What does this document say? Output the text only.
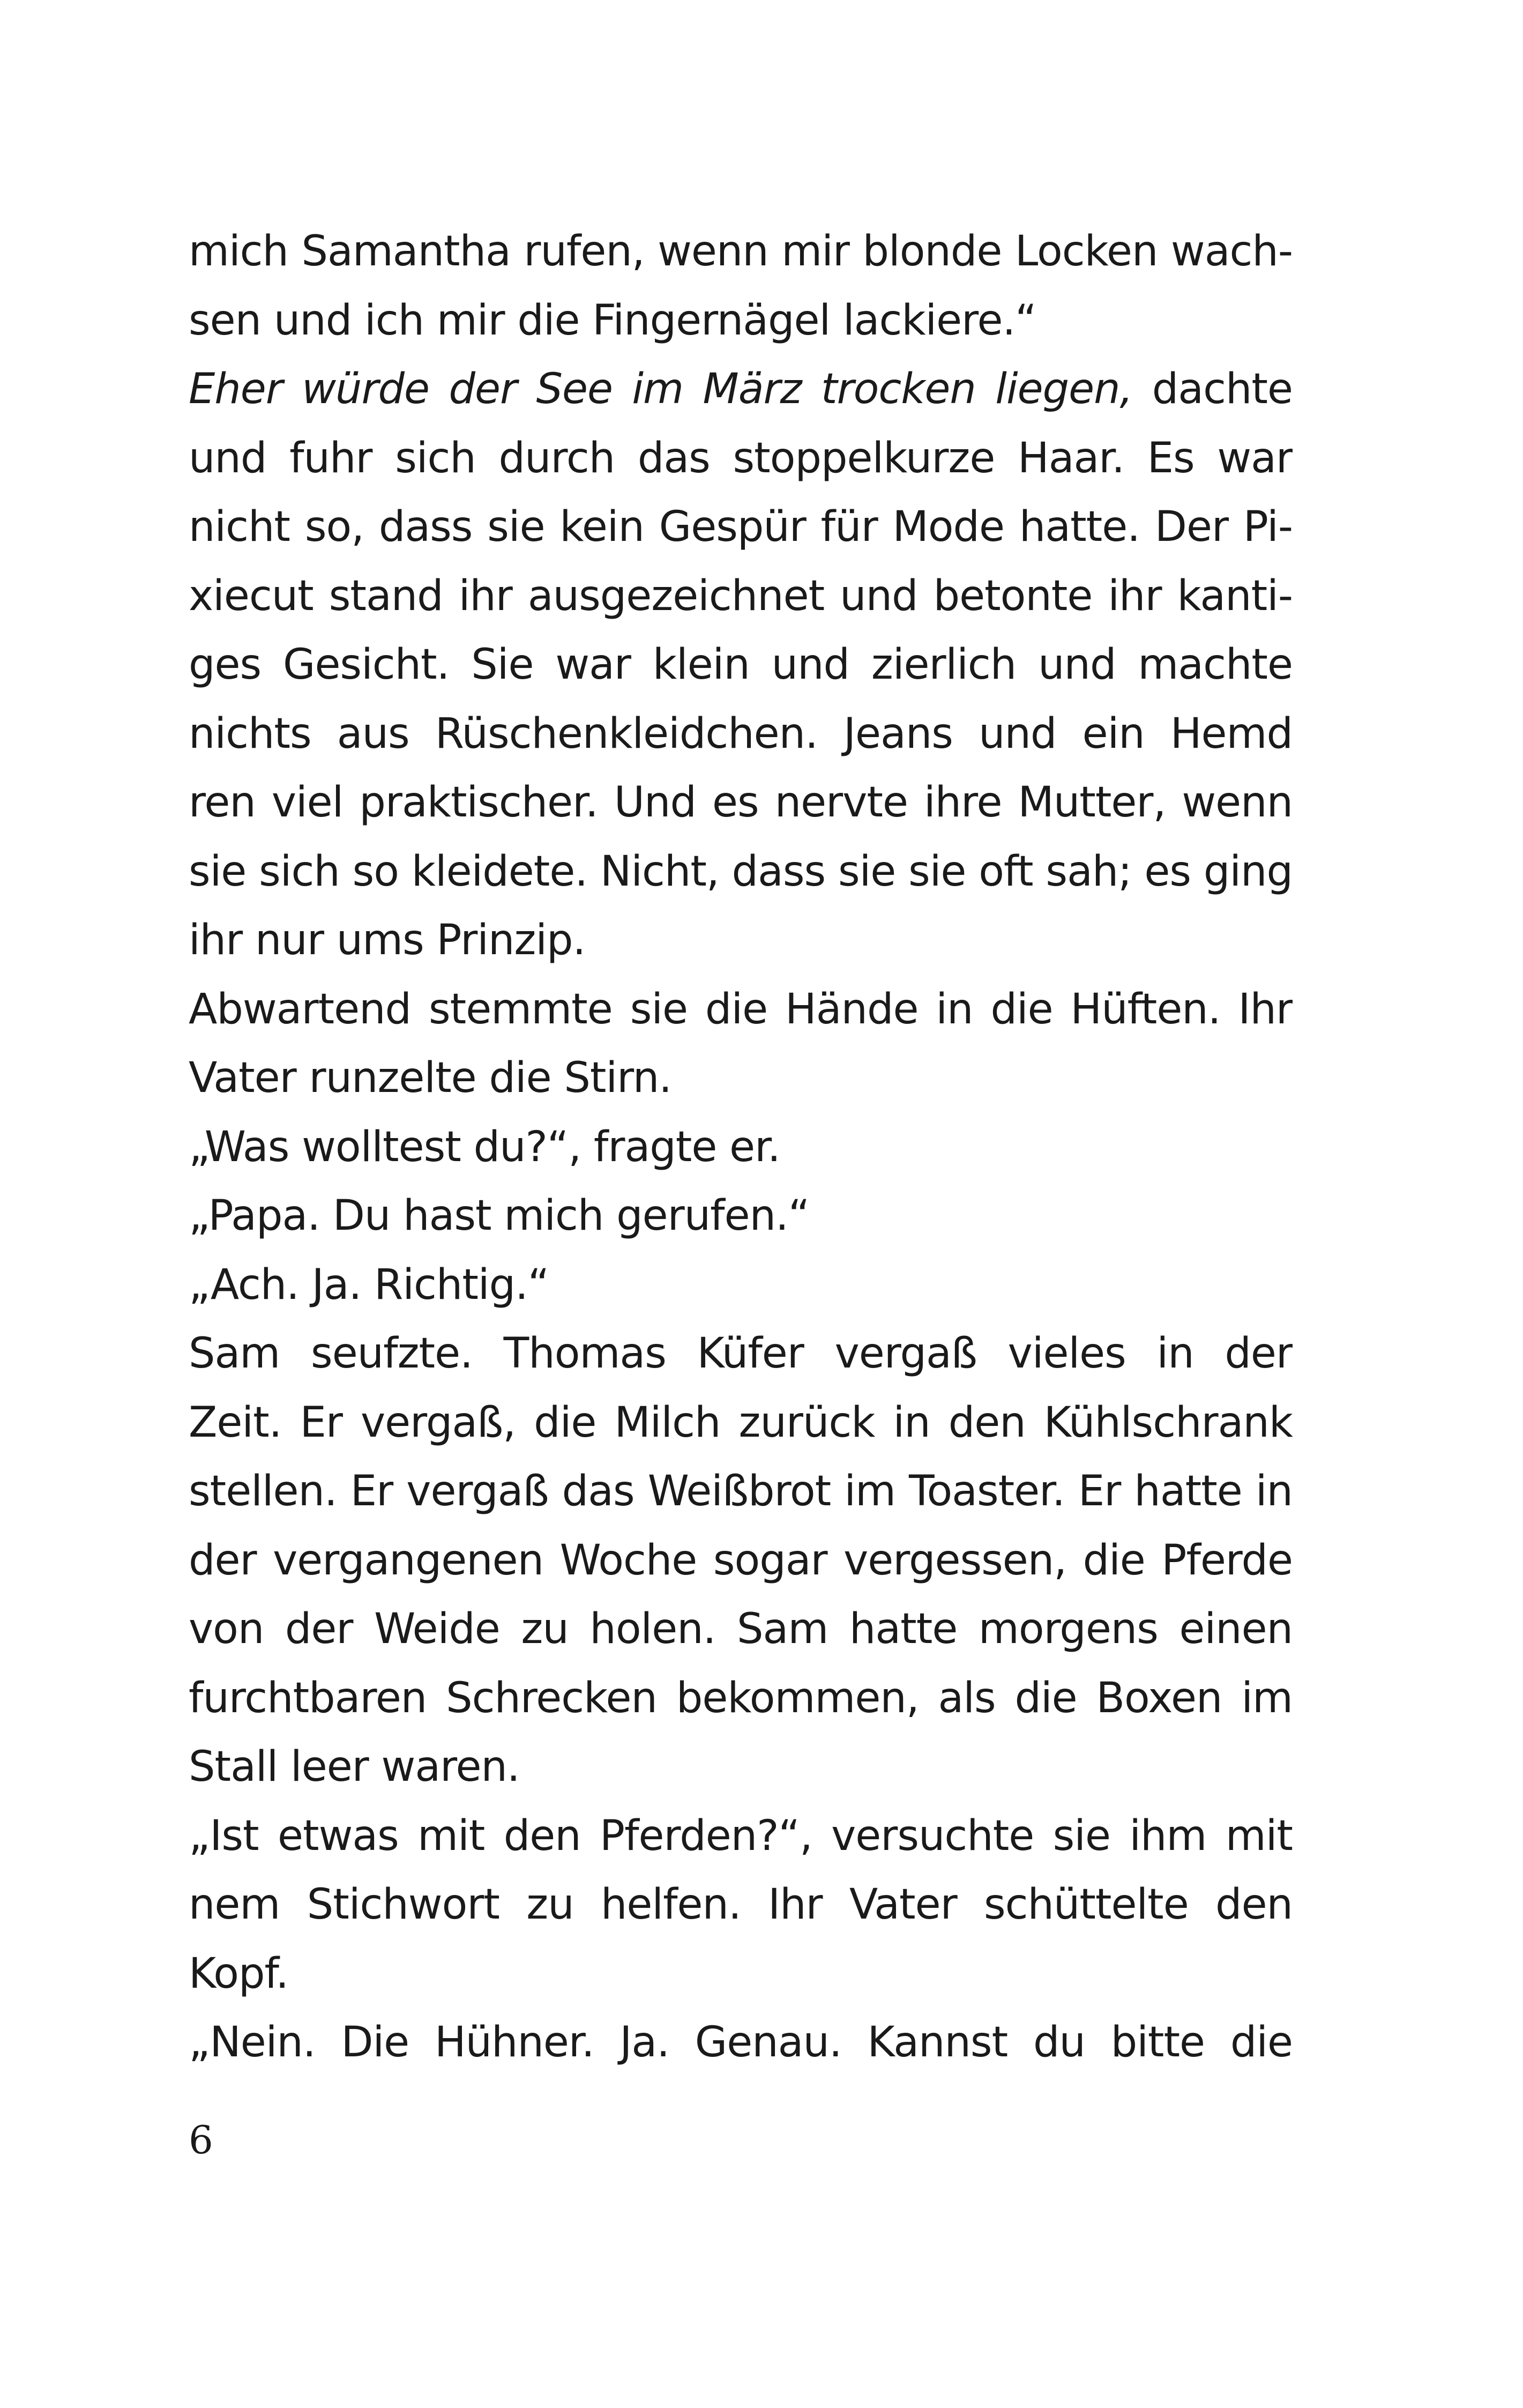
mich Samantha rufen, wenn mir blonde Locken wach-
sen und ich mir die Fingernägel lackiere.“
Eher würde der See im März trocken liegen, dachte
und fuhr sich durch das stoppelkurze Haar. Es war
nicht so, dass sie kein Gespür für Mode hatte. Der Pi-
xiecut stand ihr ausgezeichnet und betonte ihr kanti-
ges Gesicht. Sie war klein und zierlich und machte
nichts aus Rüschenkleidchen. Jeans und ein Hemd
ren viel praktischer. Und es nervte ihre Mutter, wenn
sie sich so kleidete. Nicht, dass sie sie oft sah; es ging
ihr nur ums Prinzip.
Abwartend stemmte sie die Hände in die Hüften. Ihr
Vater runzelte die Stirn.
„Was wolltest du?“, fragte er.
„Papa. Du hast mich gerufen.“
„Ach. Ja. Richtig.“
Sam seufzte. Thomas Küfer vergaß vieles in der
Zeit. Er vergaß, die Milch zurück in den Kühlschrank
stellen. Er vergaß das Weißbrot im Toaster. Er hatte in
der vergangenen Woche sogar vergessen, die Pferde
von der Weide zu holen. Sam hatte morgens einen
furchtbaren Schrecken bekommen, als die Boxen im
Stall leer waren.
„Ist etwas mit den Pferden?“, versuchte sie ihm mit
nem Stichwort zu helfen. Ihr Vater schüttelte den
Kopf.
„Nein. Die Hühner. Ja. Genau. Kannst du bitte die
6
